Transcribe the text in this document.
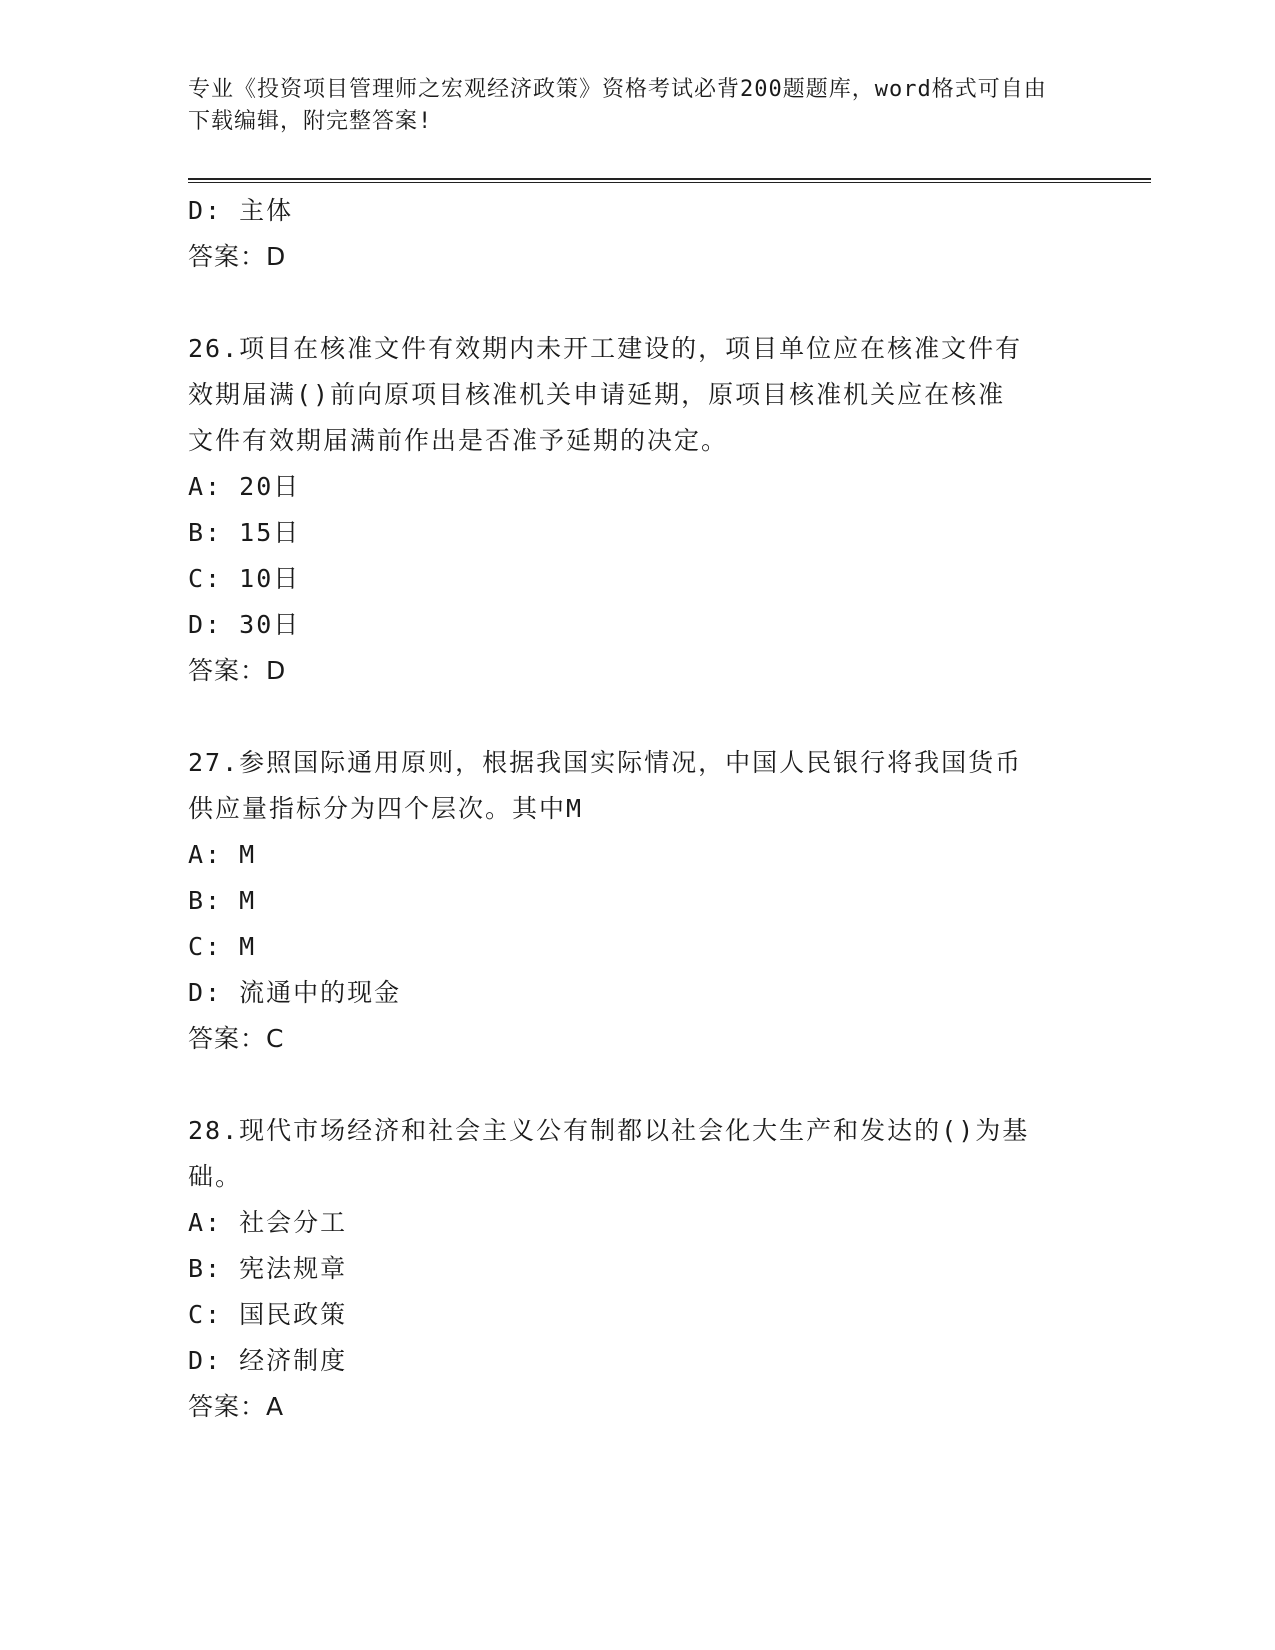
专业《投资项目管理师之宏观经济政策》资格考试必背200题题库，word格式可自由下载编辑，附完整答案!
D: 主体
答案：D
26.项目在核准文件有效期内未开工建设的，项目单位应在核准文件有
效期届满()前向原项目核准机关申请延期，原项目核准机关应在核准
文件有效期届满前作出是否准予延期的决定。
A: 20日
B: 15日
C: 10日
D: 30日
答案：D
27.参照国际通用原则，根据我国实际情况，中国人民银行将我国货币
供应量指标分为四个层次。其中M
A: M
B: M
C: M
D: 流通中的现金
答案：C
28.现代市场经济和社会主义公有制都以社会化大生产和发达的()为基
础。
A: 社会分工
B: 宪法规章
C: 国民政策
D: 经济制度
答案：A
